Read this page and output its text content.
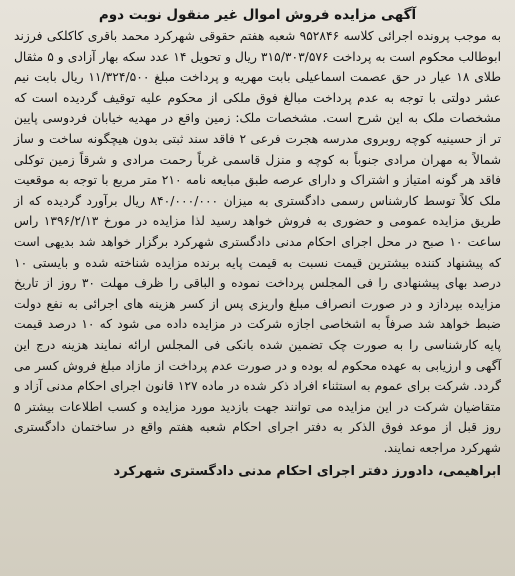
آگهی مزایده فروش اموال غیر منقول نوبت دوم

به موجب پرونده اجرائی کلاسه ۹۵۲۸۴۶ شعبه هفتم حقوقی شهرکرد محمد باقری کاکلکی فرزند ابوطالب محکوم است به پرداخت ۳۱۵/۳۰۳/۵۷۶ ریال و تحویل ۱۴ عدد سکه بهار آزادی و ۵ مثقال طلای ۱۸ عیار در حق عصمت اسماعیلی بابت مهریه و پرداخت مبلغ ۱۱/۳۲۴/۵۰۰ ریال بابت نیم عشر دولتی با توجه به عدم پرداخت مبالغ فوق ملکی از محکوم علیه توقیف گردیده است که مشخصات ملک به این شرح است. مشخصات ملک: زمین واقع در مهدیه خیابان فردوسی پایین تر از حسینیه کوچه روبروی مدرسه هجرت فرعی ۲ فاقد سند ثبتی بدون هیچگونه ساخت و ساز شمالاً به مهران مرادی جنوباً به کوچه و منزل قاسمی غرباً رحمت مرادی و شرقاً زمین توکلی فاقد هر گونه امتیاز و اشتراک و دارای عرصه طبق مبایعه نامه ۲۱۰ متر مربع با توجه به موقعیت ملک کلاً توسط کارشناس رسمی دادگستری به میزان ۸۴۰/۰۰۰/۰۰۰ ریال برآورد گردیده که از طریق مزایده عمومی و حضوری به فروش خواهد رسید لذا مزایده در مورخ ۱۳۹۶/۲/۱۳ راس ساعت ۱۰ صبح در محل اجرای احکام مدنی دادگستری شهرکرد برگزار خواهد شد بدیهی است که پیشنهاد کننده بیشترین قیمت نسبت به قیمت پایه برنده مزایده شناخته شده و بایستی ۱۰ درصد بهای پیشنهادی را فی المجلس پرداخت نموده و الباقی را ظرف مهلت ۳۰ روز از تاریخ مزایده بپردازد و در صورت انصراف مبلغ واریزی پس از کسر هزینه های اجرائی به نفع دولت ضبط خواهد شد صرفاً به اشخاصی اجازه شرکت در مزایده داده می شود که ۱۰ درصد قیمت پایه کارشناسی را به صورت چک تضمین شده بانکی فی المجلس ارائه نمایند هزینه درج این آگهی و ارزیابی به عهده محکوم له بوده و در صورت عدم پرداخت از مازاد مبلغ فروش کسر می گردد. شرکت برای عموم به استثناء افراد ذکر شده در ماده ۱۲۷ قانون اجرای احکام مدنی آزاد و متقاضیان شرکت در این مزایده می توانند جهت بازدید مورد مزایده و کسب اطلاعات بیشتر ۵ روز قبل از موعد فوق الذکر به دفتر اجرای احکام شعبه هفتم واقع در ساختمان دادگستری شهرکرد مراجعه نمایند.

ابراهیمی، دادورز دفتر اجرای احکام مدنی دادگستری شهرکرد
